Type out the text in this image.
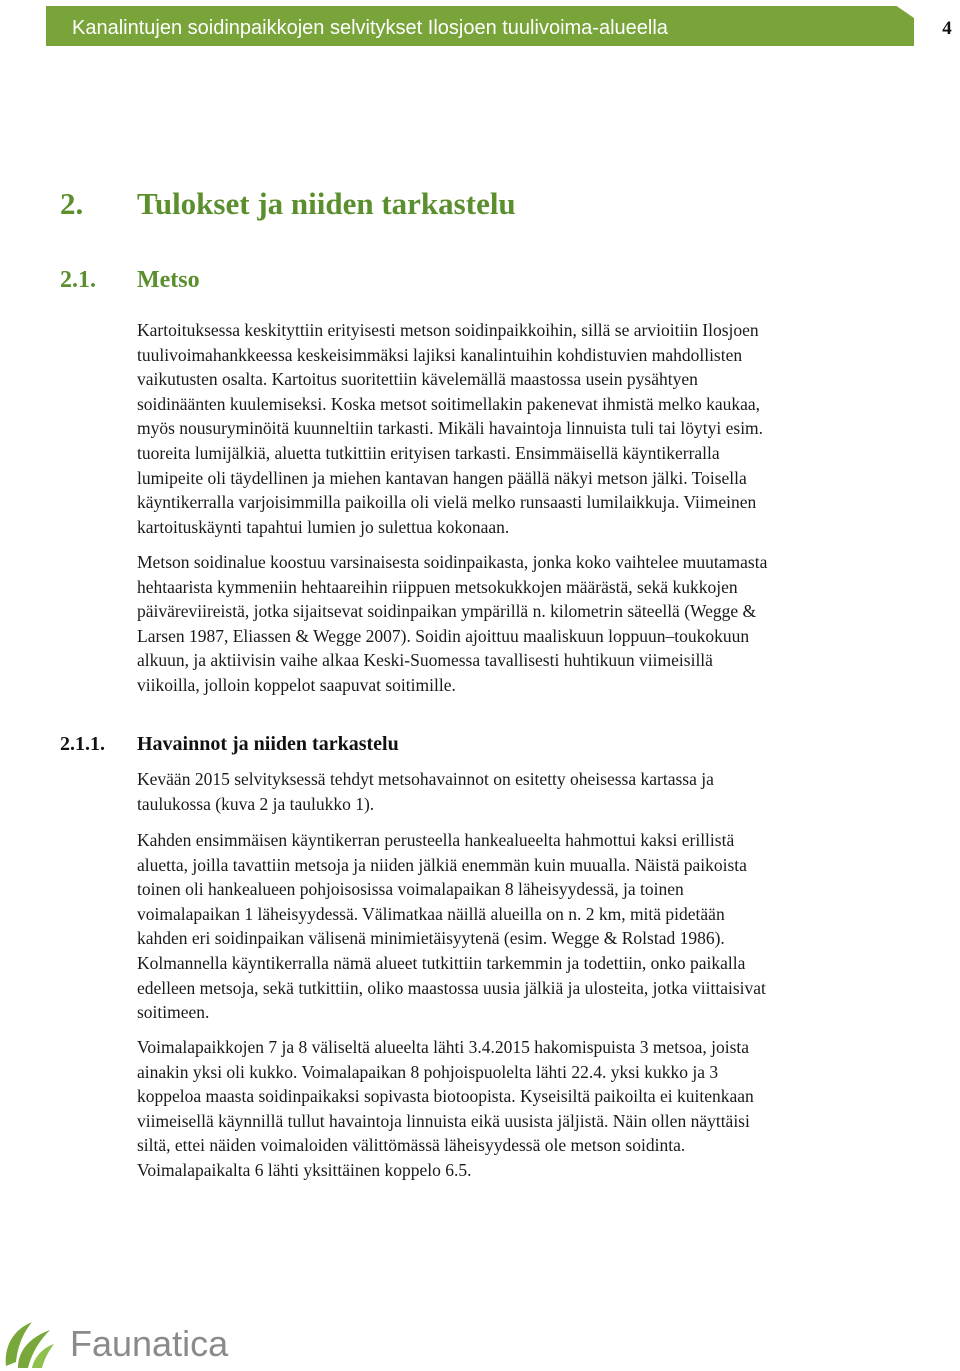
Kanalintujen soidinpaikkojen selvitykset Ilosjoen tuulivoima-alueella	4
2. Tulokset ja niiden tarkastelu
2.1. Metso
Kartoituksessa keskityttiin erityisesti metson soidinpaikkoihin, sillä se arvioitiin Ilosjoen
tuulivoimahankkeessa keskeisimmäksi lajiksi kanalintuihin kohdistuvien mahdollisten
vaikutusten osalta. Kartoitus suoritettiin kävelemällä maastossa usein pysähtyen
soidinäänten kuulemiseksi. Koska metsot soitimellakin pakenevat ihmistä melko kaukaa,
myös nousuryminöitä kuunneltiin tarkasti. Mikäli havaintoja linnuista tuli tai löytyi esim.
tuoreita lumijälkiä, aluetta tutkittiin erityisen tarkasti. Ensimmäisellä käyntikerralla
lumipeite oli täydellinen ja miehen kantavan hangen päällä näkyi metson jälki. Toisella
käyntikerralla varjoisimmilla paikoilla oli vielä melko runsaasti lumilaikkuja. Viimeinen
kartoituskäynti tapahtui lumien jo sulettua kokonaan.
Metson soidinalue koostuu varsinaisesta soidinpaikasta, jonka koko vaihtelee muutamasta
hehtaarista kymmeniin hehtaareihin riippuen metsokukkojen määrästä, sekä kukkojen
päiväreviireistä, jotka sijaitsevat soidinpaikan ympärillä n. kilometrin säteellä (Wegge &
Larsen 1987, Eliassen & Wegge 2007). Soidin ajoittuu maaliskuun loppuun–toukokuun
alkuun, ja aktiivisin vaihe alkaa Keski-Suomessa tavallisesti huhtikuun viimeisillä
viikoilla, jolloin koppelot saapuvat soitimille.
2.1.1. Havainnot ja niiden tarkastelu
Kevään 2015 selvityksessä tehdyt metsohavainnot on esitetty oheisessa kartassa ja
taulukossa (kuva 2 ja taulukko 1).
Kahden ensimmäisen käyntikerran perusteella hankealueelta hahmottui kaksi erillistä
aluetta, joilla tavattiin metsoja ja niiden jälkiä enemmän kuin muualla. Näistä paikoista
toinen oli hankealueen pohjoisosissa voimalapaikan 8 läheisyydessä, ja toinen
voimalapaikan 1 läheisyydessä. Välimatkaa näillä alueilla on n. 2 km, mitä pidetään
kahden eri soidinpaikan välisenä minimietäisyytenä (esim. Wegge & Rolstad 1986).
Kolmannella käyntikerralla nämä alueet tutkittiin tarkemmin ja todettiin, onko paikalla
edelleen metsoja, sekä tutkittiin, oliko maastossa uusia jälkiä ja ulosteita, jotka viittaisivat
soitimeen.
Voimalapaikkojen 7 ja 8 väliseltä alueelta lähti 3.4.2015 hakomispuista 3 metsoa, joista
ainakin yksi oli kukko. Voimalapaikan 8 pohjoispuolelta lähti 22.4. yksi kukko ja 3
koppeloa maasta soidinpaikaksi sopivasta biotoopista. Kyseisiltä paikoilta ei kuitenkaan
viimeisellä käynnillä tullut havaintoja linnuista eikä uusista jäljistä. Näin ollen näyttäisi
siltä, ettei näiden voimaloiden välittömässä läheisyydessä ole metson soidinta.
Voimalapaikalta 6 lähti yksittäinen koppelo 6.5.
Faunatica
